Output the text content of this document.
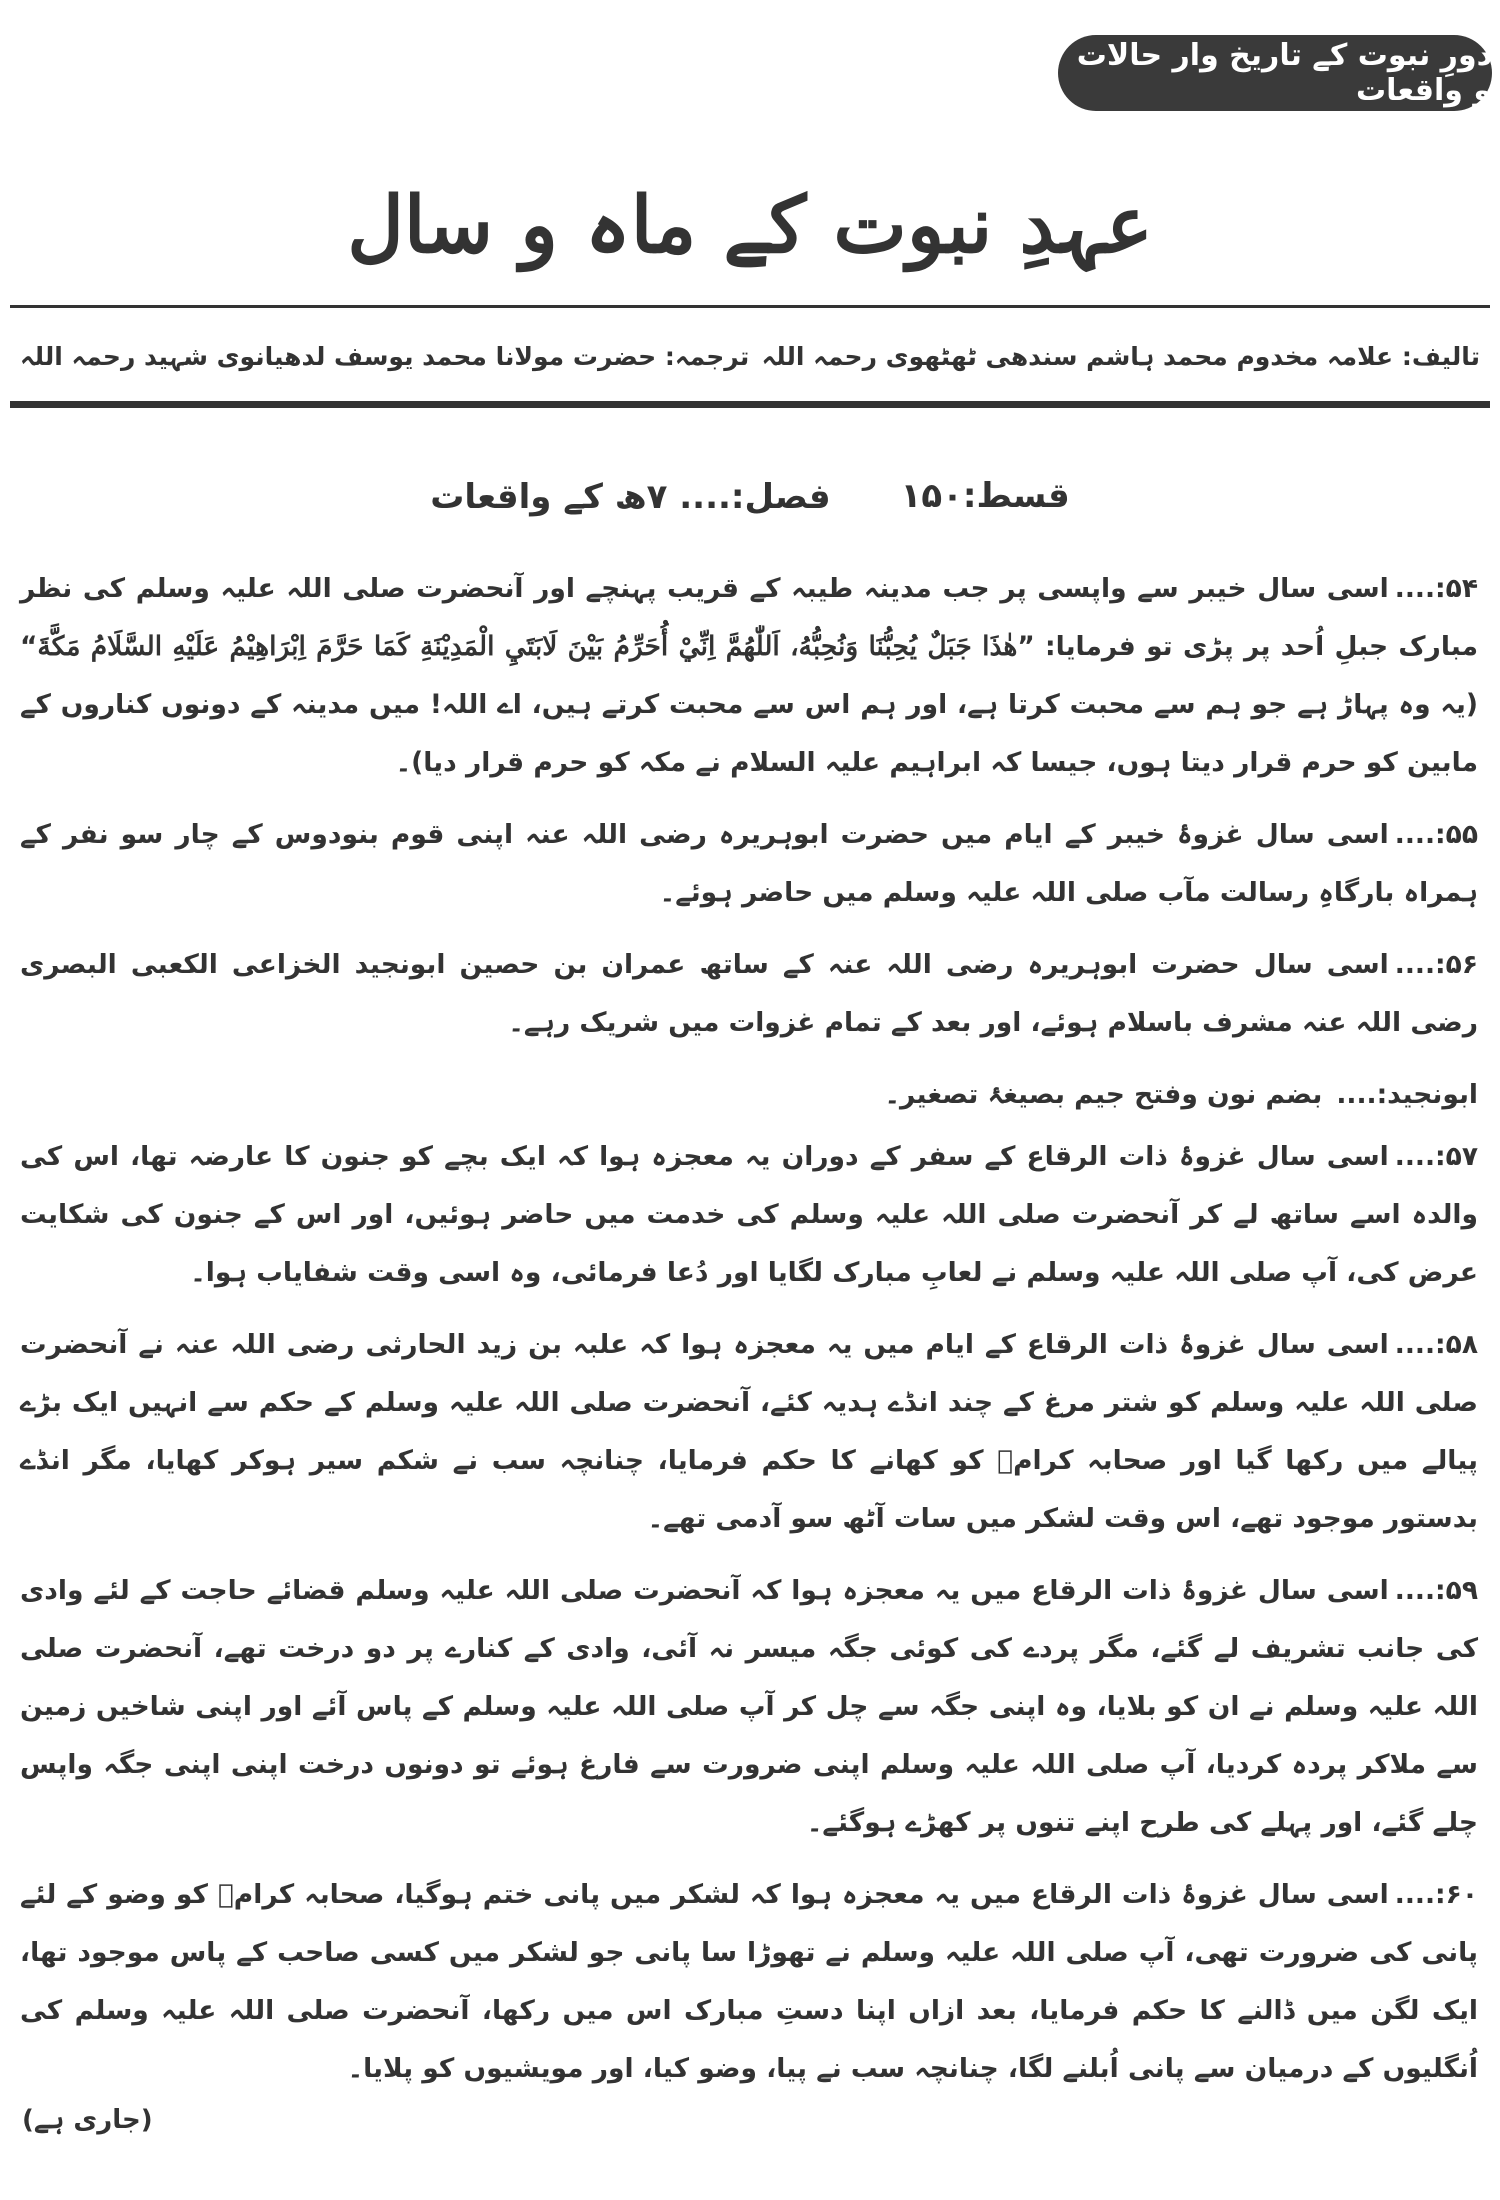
دورِ نبوت کے تاریخ وار حالات و واقعات
عہدِ نبوت کے ماہ و سال
تالیف: علامہ مخدوم محمد ہاشم سندھی ٹھٹھوی رحمہ اللہ
ترجمہ: حضرت مولانا محمد یوسف لدھیانوی شہید رحمہ اللہ
قسط:۱۵۰
فصل:.... ۷ھ کے واقعات

۵۴:....اسی سال خیبر سے واپسی پر جب مدینہ طیبہ کے قریب پہنچے اور آنحضرت صلی اللہ علیہ وسلم کی نظر مبارک جبلِ اُحد پر پڑی تو فرمایا: ”هٰذَا جَبَلٌ يُحِبُّنَا وَنُحِبُّهُ، اَللّٰهُمَّ اِنِّيْ أُحَرِّمُ بَيْنَ لَابَتَيِ الْمَدِيْنَةِ كَمَا حَرَّمَ اِبْرَاهِيْمُ عَلَيْهِ السَّلَامُ مَكَّةَ“ (یہ وہ پہاڑ ہے جو ہم سے محبت کرتا ہے، اور ہم اس سے محبت کرتے ہیں، اے اللہ! میں مدینہ کے دونوں کناروں کے مابین کو حرم قرار دیتا ہوں، جیسا کہ ابراہیم علیہ السلام نے مکہ کو حرم قرار دیا)۔

۵۵:....اسی سال غزوۂ خیبر کے ایام میں حضرت ابوہریرہ رضی اللہ عنہ اپنی قوم بنودوس کے چار سو نفر کے ہمراہ بارگاہِ رسالت مآب صلی اللہ علیہ وسلم میں حاضر ہوئے۔

۵۶:....اسی سال حضرت ابوہریرہ رضی اللہ عنہ کے ساتھ عمران بن حصین ابونجید الخزاعی الکعبی البصری رضی اللہ عنہ مشرف باسلام ہوئے، اور بعد کے تمام غزوات میں شریک رہے۔

ابونجید:....بضم نون وفتح جیم بصیغۂ تصغیر۔

۵۷:....اسی سال غزوۂ ذات الرقاع کے سفر کے دوران یہ معجزہ ہوا کہ ایک بچے کو جنون کا عارضہ تھا، اس کی والدہ اسے ساتھ لے کر آنحضرت صلی اللہ علیہ وسلم کی خدمت میں حاضر ہوئیں، اور اس کے جنون کی شکایت عرض کی، آپ صلی اللہ علیہ وسلم نے لعابِ مبارک لگایا اور دُعا فرمائی، وہ اسی وقت شفایاب ہوا۔

۵۸:....اسی سال غزوۂ ذات الرقاع کے ایام میں یہ معجزہ ہوا کہ علبہ بن زید الحارثی رضی اللہ عنہ نے آنحضرت صلی اللہ علیہ وسلم کو شتر مرغ کے چند انڈے ہدیہ کئے، آنحضرت صلی اللہ علیہ وسلم کے حکم سے انہیں ایک بڑے پیالے میں رکھا گیا اور صحابہ کرامؓ کو کھانے کا حکم فرمایا، چنانچہ سب نے شکم سیر ہوکر کھایا، مگر انڈے بدستور موجود تھے، اس وقت لشکر میں سات آٹھ سو آدمی تھے۔

۵۹:....اسی سال غزوۂ ذات الرقاع میں یہ معجزہ ہوا کہ آنحضرت صلی اللہ علیہ وسلم قضائے حاجت کے لئے وادی کی جانب تشریف لے گئے، مگر پردے کی کوئی جگہ میسر نہ آئی، وادی کے کنارے پر دو درخت تھے، آنحضرت صلی اللہ علیہ وسلم نے ان کو بلایا، وہ اپنی جگہ سے چل کر آپ صلی اللہ علیہ وسلم کے پاس آئے اور اپنی شاخیں زمین سے ملاکر پردہ کردیا، آپ صلی اللہ علیہ وسلم اپنی ضرورت سے فارغ ہوئے تو دونوں درخت اپنی اپنی جگہ واپس چلے گئے، اور پہلے کی طرح اپنے تنوں پر کھڑے ہوگئے۔

۶۰:....اسی سال غزوۂ ذات الرقاع میں یہ معجزہ ہوا کہ لشکر میں پانی ختم ہوگیا، صحابہ کرامؓ کو وضو کے لئے پانی کی ضرورت تھی، آپ صلی اللہ علیہ وسلم نے تھوڑا سا پانی جو لشکر میں کسی صاحب کے پاس موجود تھا، ایک لگن میں ڈالنے کا حکم فرمایا، بعد ازاں اپنا دستِ مبارک اس میں رکھا، آنحضرت صلی اللہ علیہ وسلم کی اُنگلیوں کے درمیان سے پانی اُبلنے لگا، چنانچہ سب نے پیا، وضو کیا، اور مویشیوں کو پلایا۔

(جاری ہے)
